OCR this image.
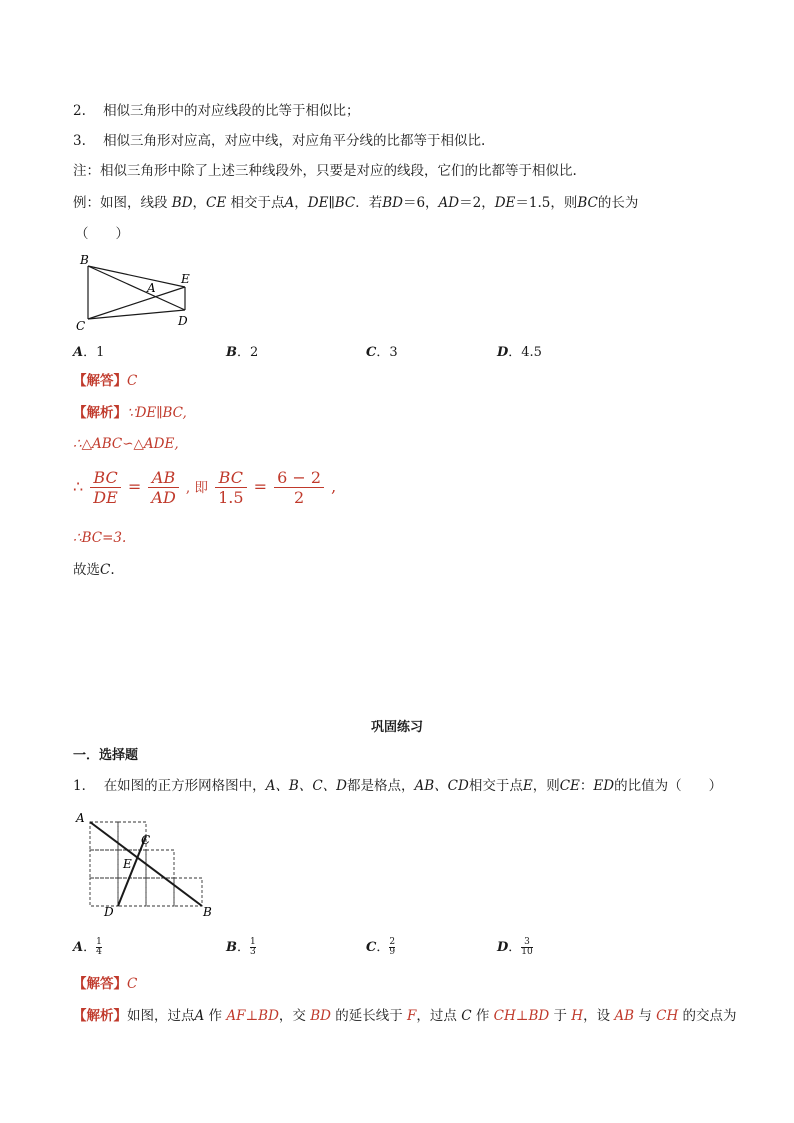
2. 相似三角形中的对应线段的比等于相似比；
3. 相似三角形对应高，对应中线，对应角平分线的比都等于相似比.
注：相似三角形中除了上述三种线段外，只要是对应的线段，它们的比都等于相似比.
例：如图，线段 BD，CE 相交于点A，DE∥BC．若BD＝6，AD＝2，DE＝1.5，则BC的长为
（　　）
B
E
A
C	D
A．1	B．2	C．3	D．4.5
【解答】C
【解析】∵DE∥BC,
∴△ABC∽△ADE,
∴ $\frac{BC}{DE} = \frac{AB}{AD}$ , 即 $\frac{BC}{1.5} = \frac{6 - 2}{2}$ ,
∴BC=3.
故选C.
巩固练习
一．选择题
1． 在如图的正方形网格图中，A、B、C、D都是格点，AB、CD相交于点E，则CE：ED的比值为（　　）
A
C
E
D	B
A． $\frac{1}{4}$	B． $\frac{1}{3}$	C． $\frac{2}{9}$	D． $\frac{3}{10}$
【解答】C
【解析】如图，过点A 作 AF⊥BD，交 BD 的延长线于 F，过点 C 作 CH⊥BD 于 H，设 AB 与 CH 的交点为
